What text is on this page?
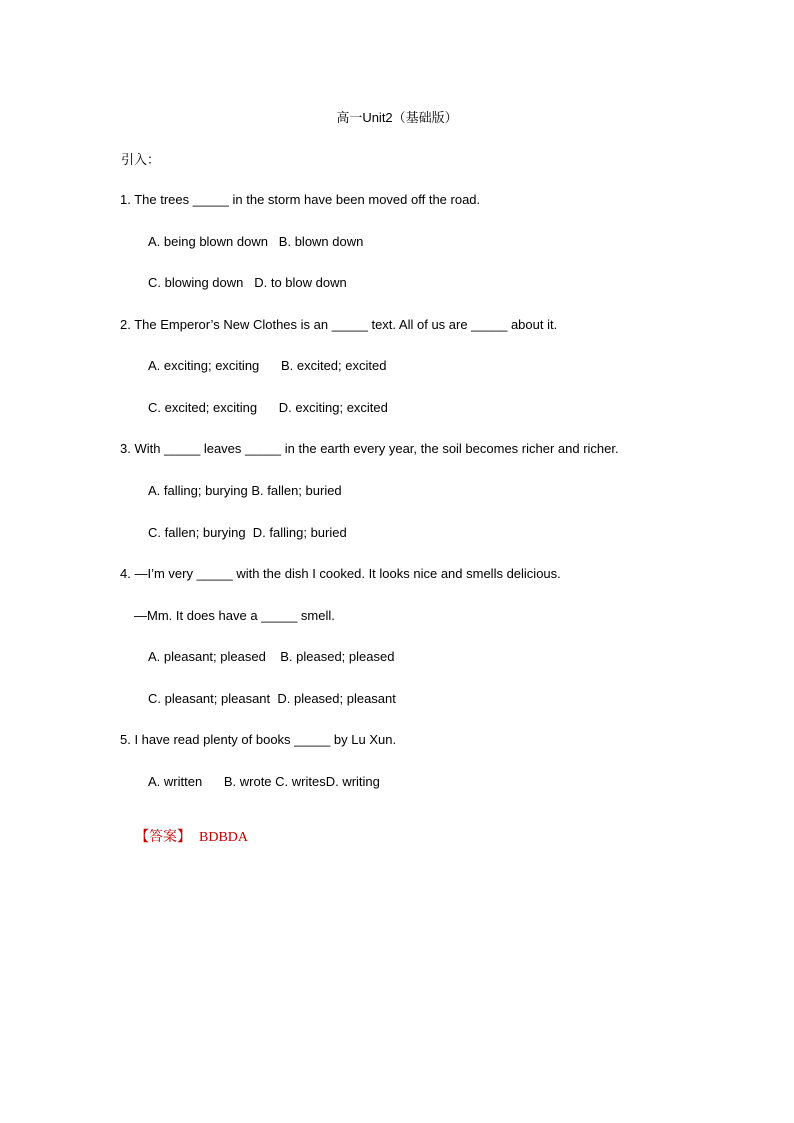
高一Unit2（基础版）
引入：
1. The trees _____ in the storm have been moved off the road.
A. being blown down   B. blown down
C. blowing down   D. to blow down
2. The Emperor’s New Clothes is an _____ text. All of us are _____ about it.
A. exciting; exciting      B. excited; excited
C. excited; exciting      D. exciting; excited
3. With _____ leaves _____ in the earth every year, the soil becomes richer and richer.
A. falling; burying B. fallen; buried
C. fallen; burying  D. falling; buried
4. —I’m very _____ with the dish I cooked. It looks nice and smells delicious.
—Mm. It does have a _____ smell.
A. pleasant; pleased    B. pleased; pleased
C. pleasant; pleasant  D. pleased; pleasant
5. I have read plenty of books _____ by Lu Xun.
A. written      B. wrote C. writesD. writing

【答案】 BDBDA
